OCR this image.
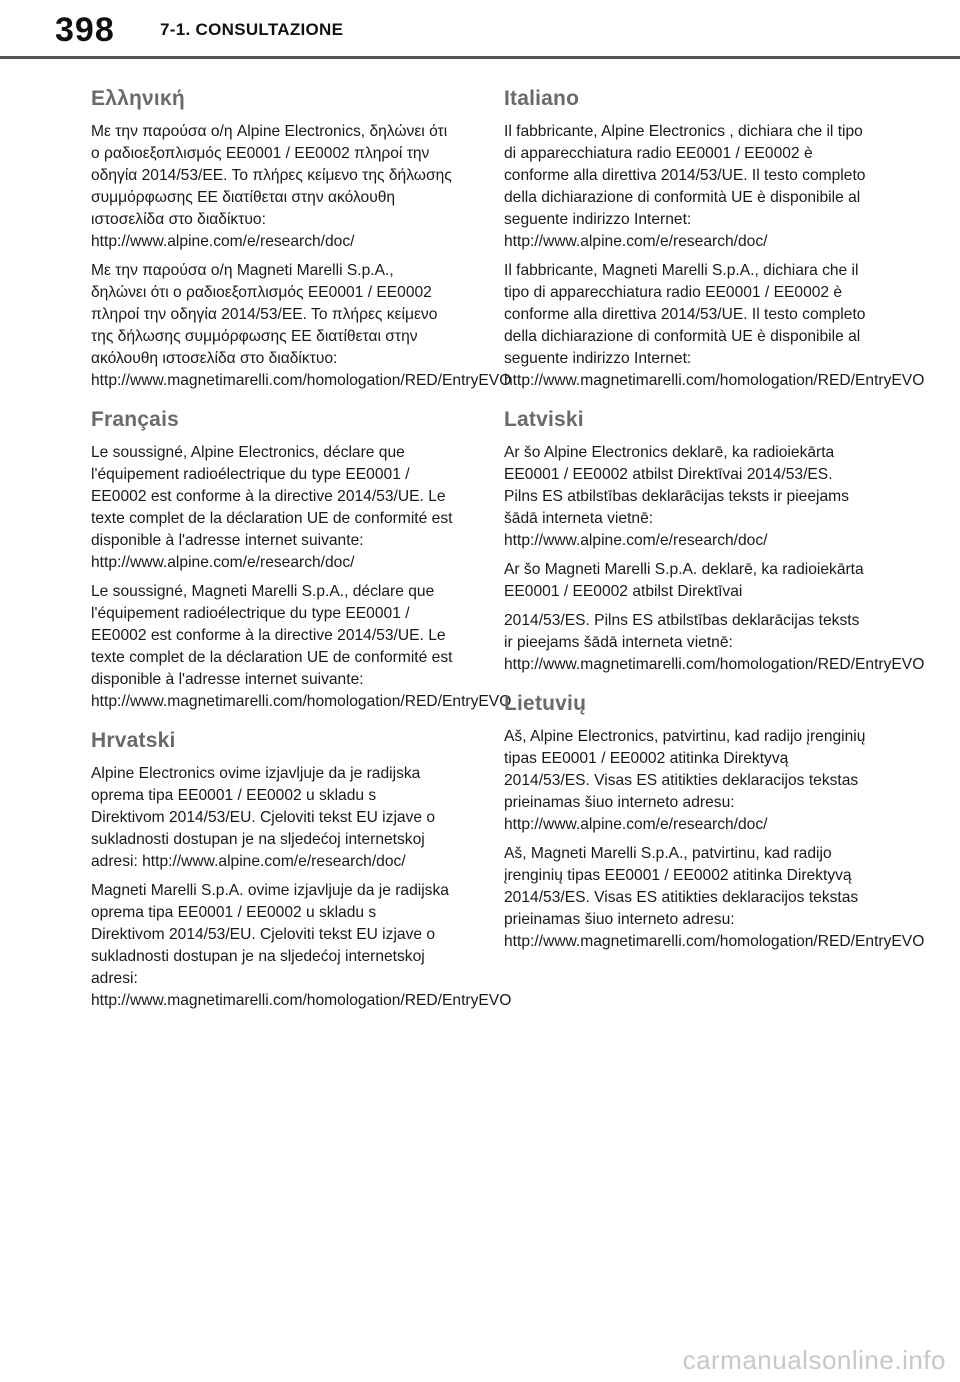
398	7-1. CONSULTAZIONE
Ελληνική

Με την παρούσα ο/η Alpine Electronics, δηλώνει ότι ο ραδιοεξοπλισμός EE0001 / EE0002 πληροί την οδηγία 2014/53/ΕΕ. Το πλήρες κείμενο της δήλωσης συμμόρφωσης ΕΕ διατίθεται στην ακόλουθη ιστοσελίδα στο διαδίκτυο: http://www.alpine.com/e/research/doc/

Με την παρούσα ο/η Magneti Marelli S.p.A., δηλώνει ότι ο ραδιοεξοπλισμός EE0001 / EE0002 πληροί την οδηγία 2014/53/ΕΕ. Το πλήρες κείμενο της δήλωσης συμμόρφωσης ΕΕ διατίθεται στην ακόλουθη ιστοσελίδα στο διαδίκτυο: http://www.magnetimarelli.com/homologation/RED/EntryEVO

Français

Le soussigné, Alpine Electronics, déclare que l'équipement radioélectrique du type EE0001 / EE0002 est conforme à la directive 2014/53/UE. Le texte complet de la déclaration UE de conformité est disponible à l'adresse internet suivante: http://www.alpine.com/e/research/doc/

Le soussigné, Magneti Marelli S.p.A., déclare que l'équipement radioélectrique du type EE0001 / EE0002 est conforme à la directive 2014/53/UE. Le texte complet de la déclaration UE de conformité est disponible à l'adresse internet suivante: http://www.magnetimarelli.com/homologation/RED/EntryEVO

Hrvatski

Alpine Electronics ovime izjavljuje da je radijska oprema tipa EE0001 / EE0002 u skladu s Direktivom 2014/53/EU. Cjeloviti tekst EU izjave o sukladnosti dostupan je na sljedećoj internetskoj adresi: http://www.alpine.com/e/research/doc/

Magneti Marelli S.p.A. ovime izjavljuje da je radijska oprema tipa EE0001 / EE0002 u skladu s Direktivom 2014/53/EU. Cjeloviti tekst EU izjave o sukladnosti dostupan je na sljedećoj internetskoj adresi: http://www.magnetimarelli.com/homologation/RED/EntryEVO

Italiano

Il fabbricante, Alpine Electronics , dichiara che il tipo di apparecchiatura radio EE0001 / EE0002 è conforme alla direttiva 2014/53/UE. Il testo completo della dichiarazione di conformità UE è disponibile al seguente indirizzo Internet: http://www.alpine.com/e/research/doc/

Il fabbricante, Magneti Marelli S.p.A., dichiara che il tipo di apparecchiatura radio EE0001 / EE0002 è conforme alla direttiva 2014/53/UE. Il testo completo della dichiarazione di conformità UE è disponibile al seguente indirizzo Internet: http://www.magnetimarelli.com/homologation/RED/EntryEVO

Latviski

Ar šo Alpine Electronics deklarē, ka radioiekārta EE0001 / EE0002 atbilst Direktīvai 2014/53/ES. Pilns ES atbilstības deklarācijas teksts ir pieejams šādā interneta vietnē: http://www.alpine.com/e/research/doc/

Ar šo Magneti Marelli S.p.A. deklarē, ka radioiekārta EE0001 / EE0002 atbilst Direktīvai

2014/53/ES. Pilns ES atbilstības deklarācijas teksts ir pieejams šādā interneta vietnē: http://www.magnetimarelli.com/homologation/RED/EntryEVO

Lietuvių

Aš, Alpine Electronics, patvirtinu, kad radijo įrenginių tipas EE0001 / EE0002 atitinka Direktyvą 2014/53/ES. Visas ES atitikties deklaracijos tekstas prieinamas šiuo interneto adresu: http://www.alpine.com/e/research/doc/

Aš, Magneti Marelli S.p.A., patvirtinu, kad radijo įrenginių tipas EE0001 / EE0002 atitinka Direktyvą 2014/53/ES. Visas ES atitikties deklaracijos tekstas prieinamas šiuo interneto adresu: http://www.magnetimarelli.com/homologation/RED/EntryEVO

carmanualsonline.info
